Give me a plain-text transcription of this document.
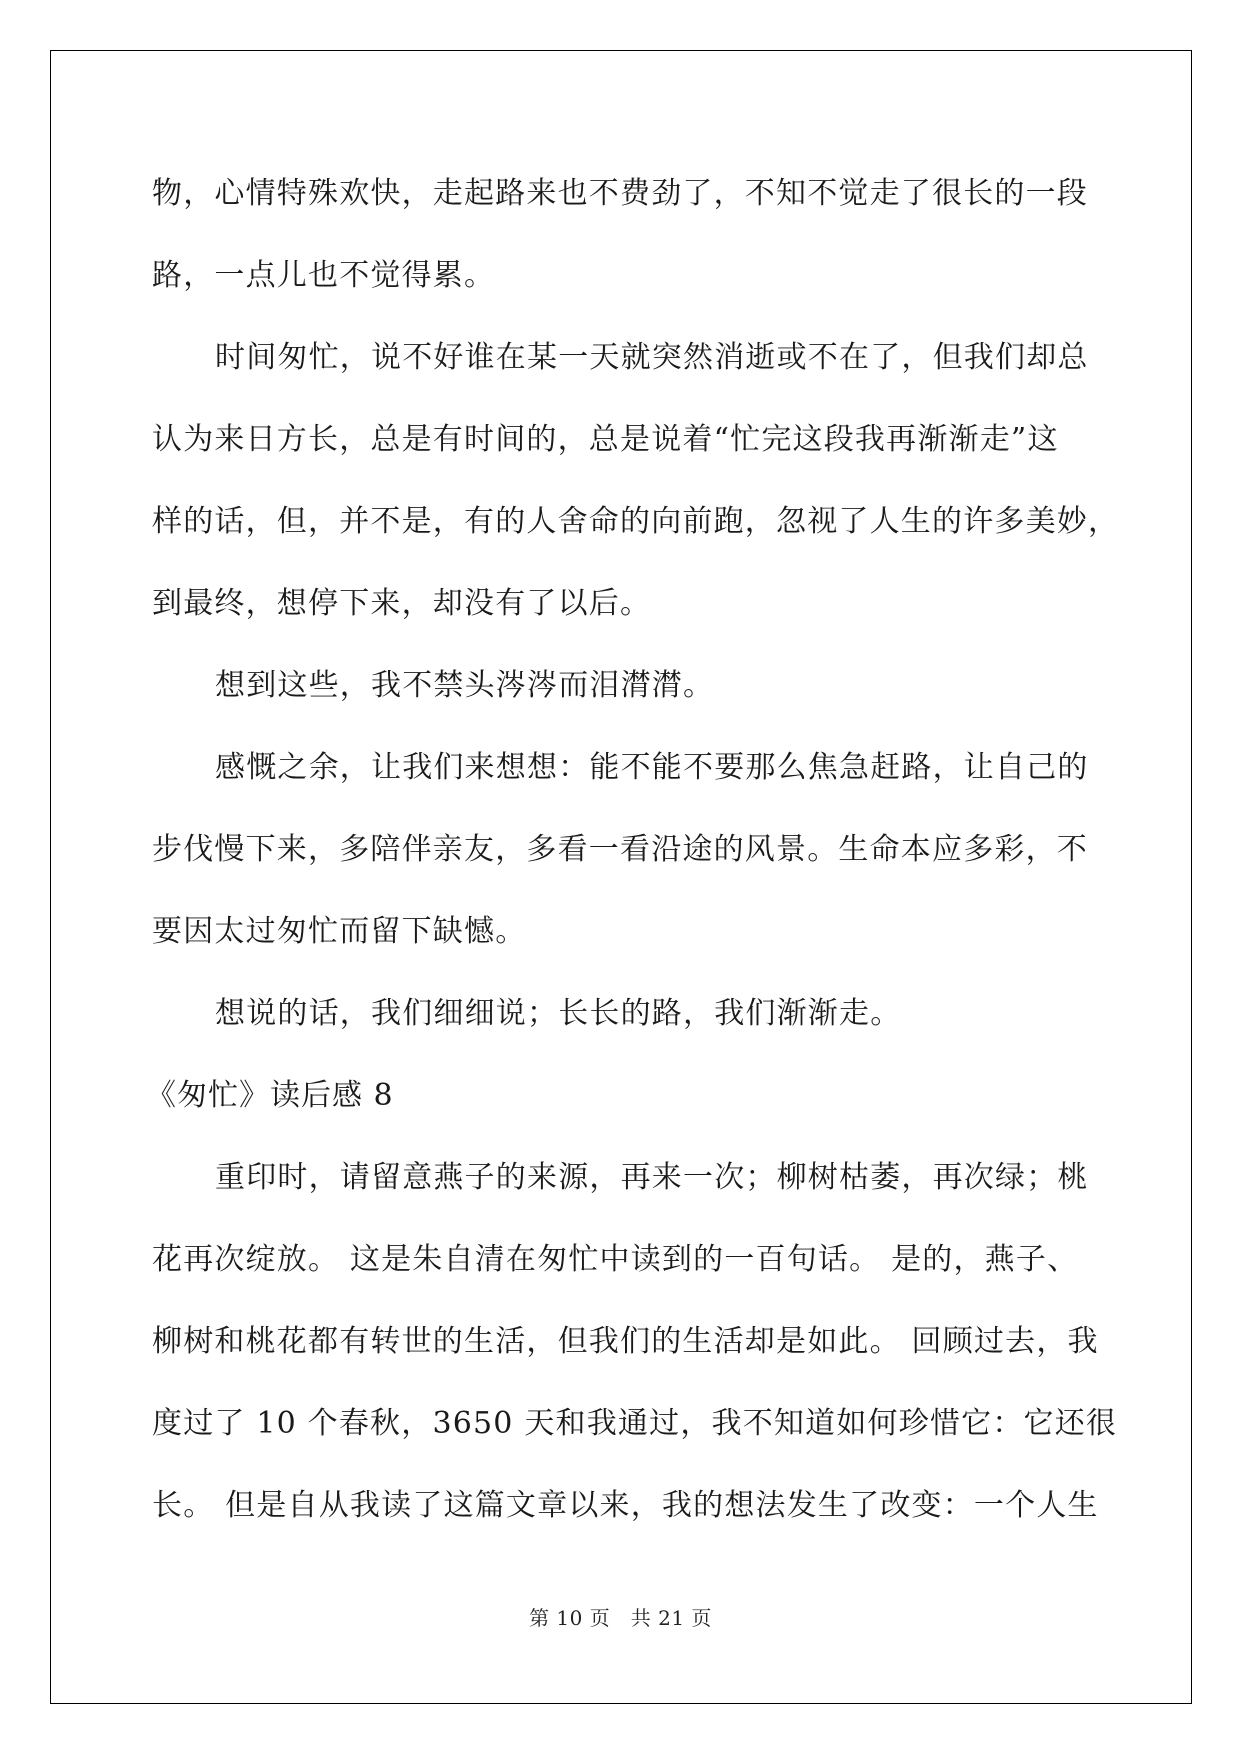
物，心情特殊欢快，走起路来也不费劲了，不知不觉走了很长的一段
路，一点儿也不觉得累。
时间匆忙，说不好谁在某一天就突然消逝或不在了，但我们却总
认为来日方长，总是有时间的，总是说着“忙完这段我再渐渐走”这
样的话，但，并不是，有的人舍命的向前跑，忽视了人生的许多美妙，
到最终，想停下来，却没有了以后。
想到这些，我不禁头涔涔而泪潸潸。
感慨之余，让我们来想想：能不能不要那么焦急赶路，让自己的
步伐慢下来，多陪伴亲友，多看一看沿途的风景。生命本应多彩，不
要因太过匆忙而留下缺憾。
想说的话，我们细细说；长长的路，我们渐渐走。
《匆忙》读后感 8
重印时，请留意燕子的来源，再来一次；柳树枯萎，再次绿；桃
花再次绽放。 这是朱自清在匆忙中读到的一百句话。 是的，燕子、
柳树和桃花都有转世的生活，但我们的生活却是如此。 回顾过去，我
度过了 10 个春秋，3650 天和我通过，我不知道如何珍惜它：它还很
长。 但是自从我读了这篇文章以来，我的想法发生了改变：一个人生
第 10 页　共 21 页
